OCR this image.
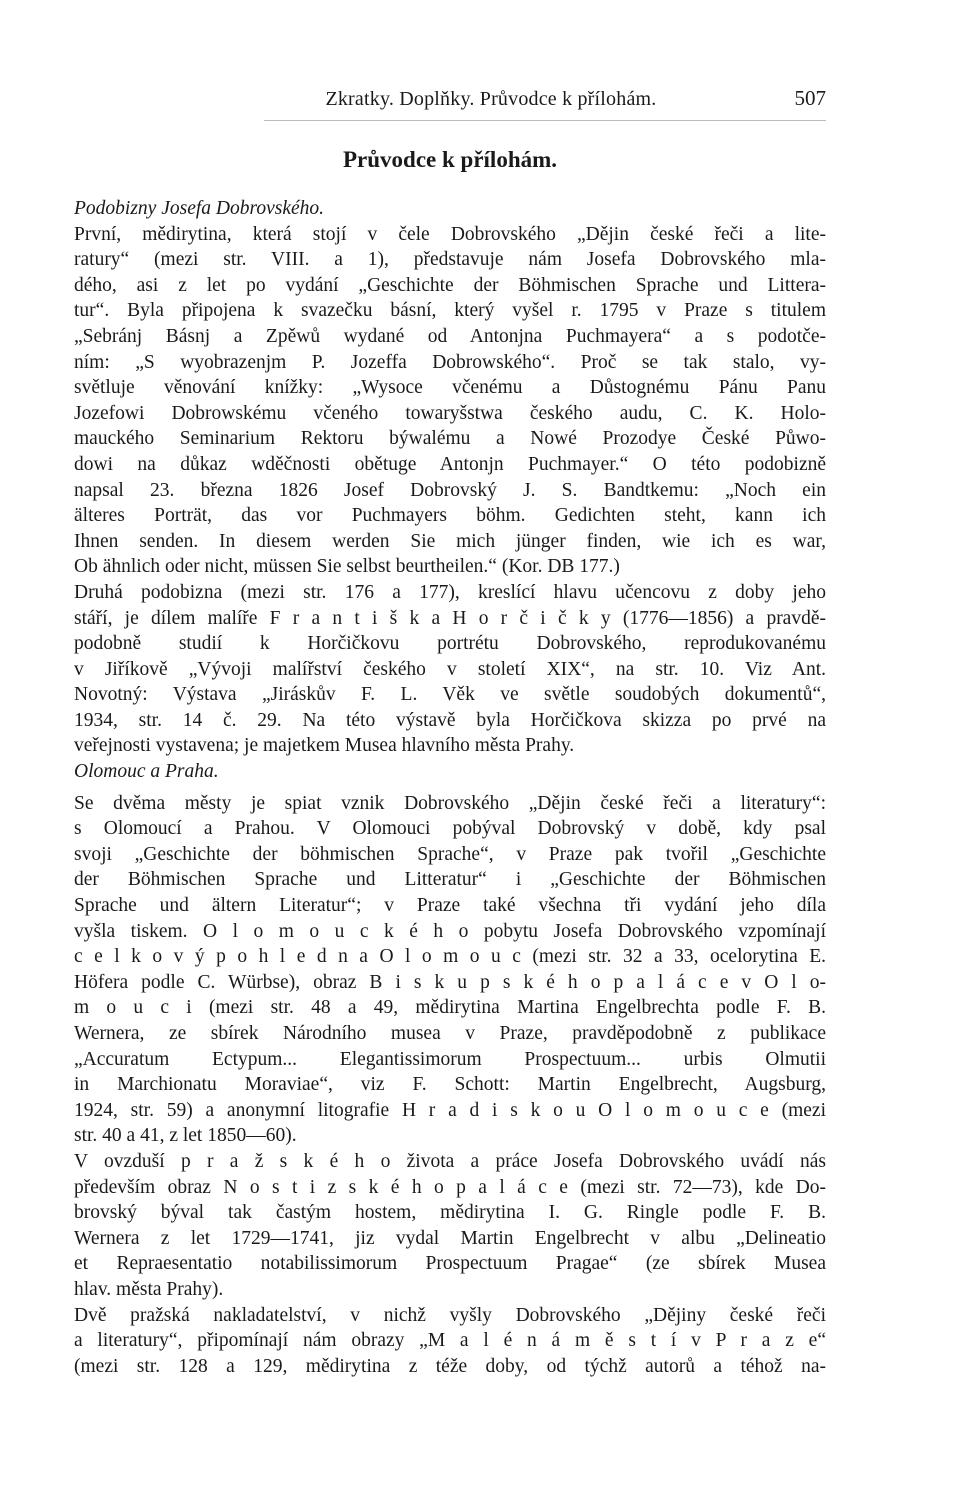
Zkratky. Doplňky. Průvodce k přílohám.	507
Průvodce k přílohám.
Podobizny Josefa Dobrovského.
První, mědirytina, která stojí v čele Dobrovského „Dějin české řeči a lite-
ratury“ (mezi str. VIII. a 1), představuje nám Josefa Dobrovského mla-
dého, asi z let po vydání „Geschichte der Böhmischen Sprache und Littera-
tur“. Byla připojena k svazečku básní, který vyšel r. 1795 v Praze s titulem
„Sebránj Básnj a Zpěwů wydané od Antonjna Puchmayera“ a s podotče-
ním: „S wyobrazenjm P. Jozeffa Dobrowského“. Proč se tak stalo, vy-
světluje věnování knížky: „Wysoce včenému a Důstognému Pánu Panu
Jozefowi Dobrowskému včeného towaryšstwa českého audu, C. K. Holo-
mauckého Seminarium Rektoru býwalému a Nowé Prozodye České Půwo-
dowi na důkaz wděčnosti obětuge Antonjn Puchmayer.“ O této podobizně
napsal 23. března 1826 Josef Dobrovský J. S. Bandtkemu: „Noch ein
älteres Porträt, das vor Puchmayers böhm. Gedichten steht, kann ich
Ihnen senden. In diesem werden Sie mich jünger finden, wie ich es war,
Ob ähnlich oder nicht, müssen Sie selbst beurtheilen.“ (Kor. DB 177.)
Druhá podobizna (mezi str. 176 a 177), kreslící hlavu učencovu z doby jeho
stáří, je dílem malíře F r a n t i š k a H o r č i č k y (1776—1856) a pravdě-
podobně studií k Horčičkovu portrétu Dobrovského, reprodukovanému
v Jiříkově „Vývoji malířství českého v století XIX“, na str. 10. Viz Ant.
Novotný: Výstava „Jiráskův F. L. Věk ve světle soudobých dokumentů“,
1934, str. 14 č. 29. Na této výstavě byla Horčičkova skizza po prvé na
veřejnosti vystavena; je majetkem Musea hlavního města Prahy.
Olomouc a Praha.
Se dvěma městy je spiat vznik Dobrovského „Dějin české řeči a literatury“:
s Olomoucí a Prahou. V Olomouci pobýval Dobrovský v době, kdy psal
svoji „Geschichte der böhmischen Sprache“, v Praze pak tvořil „Geschichte
der Böhmischen Sprache und Litteratur“ i „Geschichte der Böhmischen
Sprache und ältern Literatur“; v Praze také všechna tři vydání jeho díla
vyšla tiskem. O l o m o u c k é h o pobytu Josefa Dobrovského vzpomínají
c e l k o v ý p o h l e d n a O l o m o u c (mezi str. 32 a 33, ocelorytina E.
Höfera podle C. Würbse), obraz B i s k u p s k é h o p a l á c e v O l o-
m o u c i (mezi str. 48 a 49, mědirytina Martina Engelbrechta podle F. B.
Wernera, ze sbírek Národního musea v Praze, pravděpodobně z publikace
„Accuratum Ectypum... Elegantissimorum Prospectuum... urbis Olmutii
in Marchionatu Moraviae“, viz F. Schott: Martin Engelbrecht, Augsburg,
1924, str. 59) a anonymní litografie H r a d i s k o u O l o m o u c e (mezi
str. 40 a 41, z let 1850—60).
V ovzduší p r a ž s k é h o života a práce Josefa Dobrovského uvádí nás
především obraz N o s t i z s k é h o p a l á c e (mezi str. 72—73), kde Do-
brovský býval tak častým hostem, mědirytina I. G. Ringle podle F. B.
Wernera z let 1729—1741, jiz vydal Martin Engelbrecht v albu „Delineatio
et Repraesentatio notabilissimorum Prospectuum Pragae“ (ze sbírek Musea
hlav. města Prahy).
Dvě pražská nakladatelství, v nichž vyšly Dobrovského „Dějiny české řeči
a literatury“, připomínají nám obrazy „M a l é n á m ě s t í v P r a z e“
(mezi str. 128 a 129, mědirytina z téže doby, od týchž autorů a téhož na-
